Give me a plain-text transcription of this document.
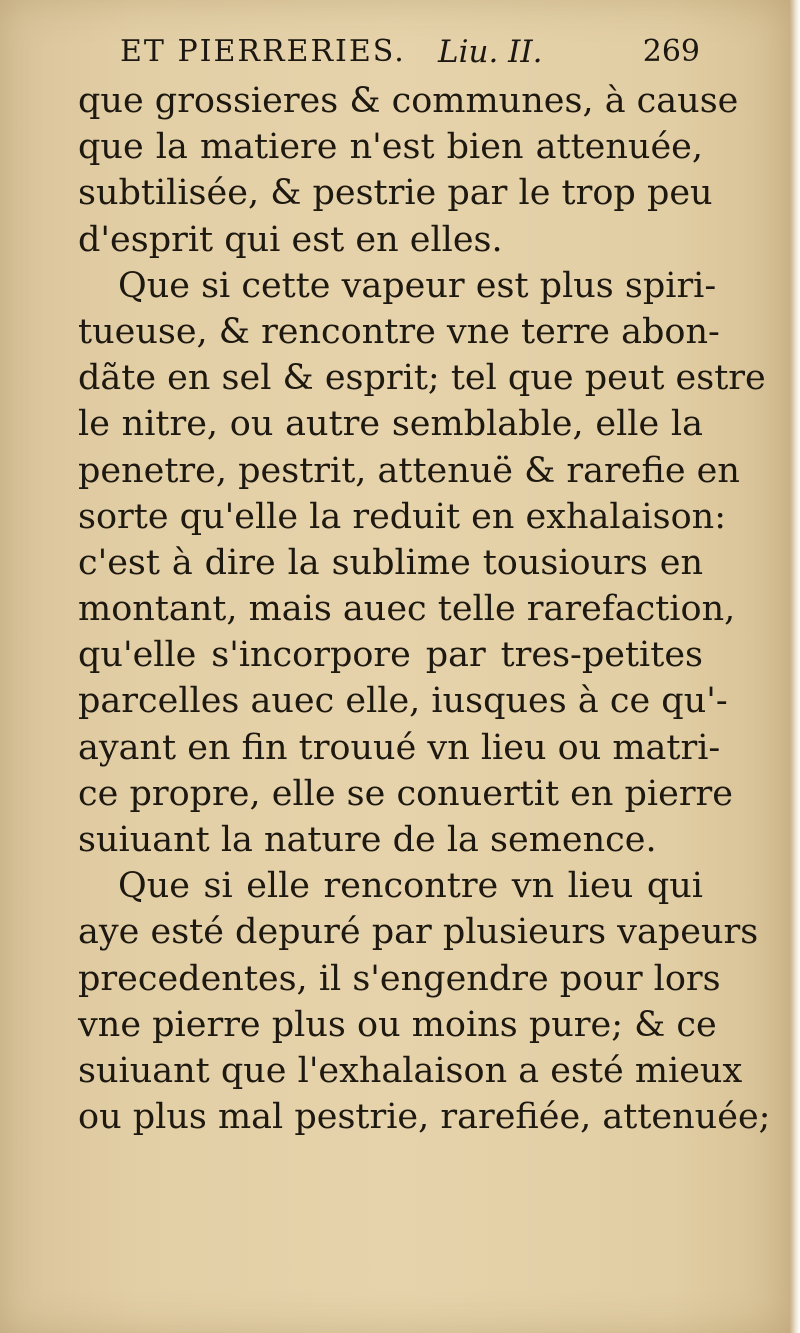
ET PIERRERIES. Liu. II.	269
que grossieres & communes, à cause
que la matiere n'est bien attenuée,
subtilisée, & pestrie par le trop peu
d'esprit qui est en elles.
Que si cette vapeur est plus spiri-
tueuse, & rencontre vne terre abon-
dãte en sel & esprit; tel que peut estre
le nitre, ou autre semblable, elle la
penetre, pestrit, attenuë & rarefie en
sorte qu'elle la reduit en exhalaison:
c'est à dire la sublime tousiours en
montant, mais auec telle rarefaction,
qu'elle s'incorpore par tres-petites
parcelles auec elle, iusques à ce qu'-
ayant en fin trouué vn lieu ou matri-
ce propre, elle se conuertit en pierre
suiuant la nature de la semence.
Que si elle rencontre vn lieu qui
aye esté depuré par plusieurs vapeurs
precedentes, il s'engendre pour lors
vne pierre plus ou moins pure; & ce
suiuant que l'exhalaison a esté mieux
ou plus mal pestrie, rarefiée, attenuée;
